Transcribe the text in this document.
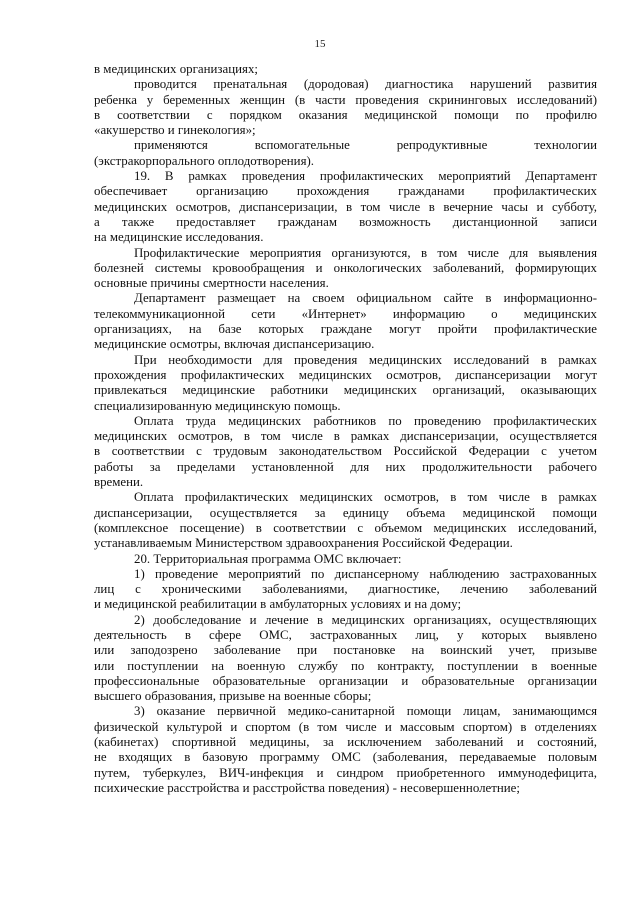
15
в медицинских организациях;
проводится пренатальная (дородовая) диагностика нарушений развития
ребенка у беременных женщин (в части проведения скрининговых исследований)
в соответствии с порядком оказания медицинской помощи по профилю
«акушерство и гинекология»;
применяются вспомогательные репродуктивные технологии
(экстракорпорального оплодотворения).
19. В рамках проведения профилактических мероприятий Департамент
обеспечивает организацию прохождения гражданами профилактических
медицинских осмотров, диспансеризации, в том числе в вечерние часы и субботу,
а также предоставляет гражданам возможность дистанционной записи
на медицинские исследования.
Профилактические мероприятия организуются, в том числе для выявления
болезней системы кровообращения и онкологических заболеваний, формирующих
основные причины смертности населения.
Департамент размещает на своем официальном сайте в информационно-
телекоммуникационной сети «Интернет» информацию о медицинских
организациях, на базе которых граждане могут пройти профилактические
медицинские осмотры, включая диспансеризацию.
При необходимости для проведения медицинских исследований в рамках
прохождения профилактических медицинских осмотров, диспансеризации могут
привлекаться медицинские работники медицинских организаций, оказывающих
специализированную медицинскую помощь.
Оплата труда медицинских работников по проведению профилактических
медицинских осмотров, в том числе в рамках диспансеризации, осуществляется
в соответствии с трудовым законодательством Российской Федерации с учетом
работы за пределами установленной для них продолжительности рабочего
времени.
Оплата профилактических медицинских осмотров, в том числе в рамках
диспансеризации, осуществляется за единицу объема медицинской помощи
(комплексное посещение) в соответствии с объемом медицинских исследований,
устанавливаемым Министерством здравоохранения Российской Федерации.
20. Территориальная программа ОМС включает:
1) проведение мероприятий по диспансерному наблюдению застрахованных
лиц с хроническими заболеваниями, диагностике, лечению заболеваний
и медицинской реабилитации в амбулаторных условиях и на дому;
2) дообследование и лечение в медицинских организациях, осуществляющих
деятельность в сфере ОМС, застрахованных лиц, у которых выявлено
или заподозрено заболевание при постановке на воинский учет, призыве
или поступлении на военную службу по контракту, поступлении в военные
профессиональные образовательные организации и образовательные организации
высшего образования, призыве на военные сборы;
3) оказание первичной медико-санитарной помощи лицам, занимающимся
физической культурой и спортом (в том числе и массовым спортом) в отделениях
(кабинетах) спортивной медицины, за исключением заболеваний и состояний,
не входящих в базовую программу ОМС (заболевания, передаваемые половым
путем, туберкулез, ВИЧ-инфекция и синдром приобретенного иммунодефицита,
психические расстройства и расстройства поведения) - несовершеннолетние;
